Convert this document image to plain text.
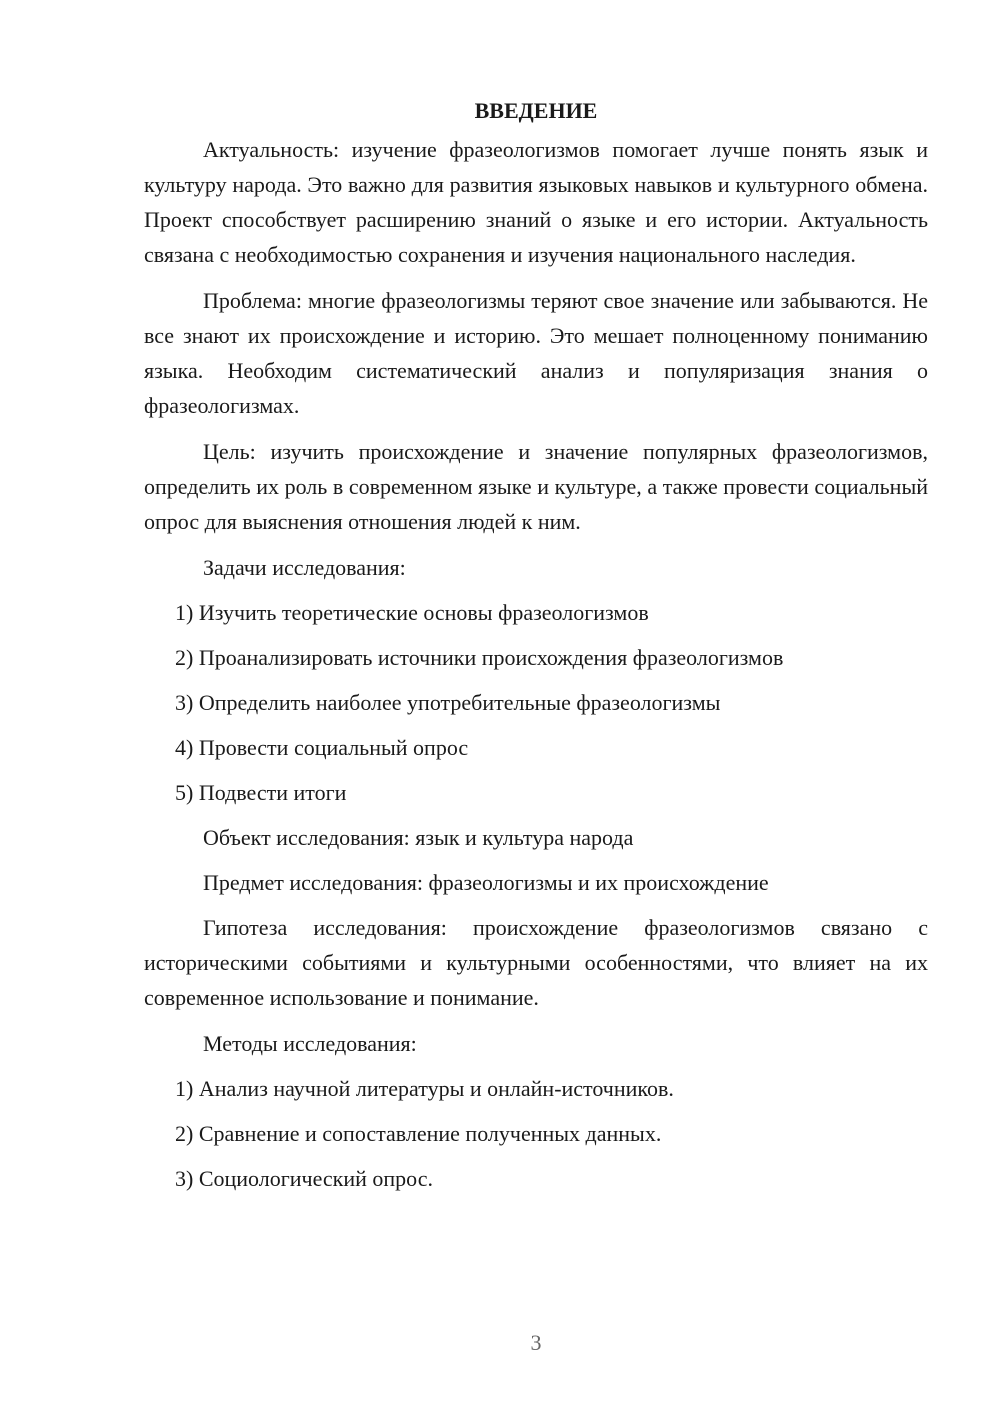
ВВЕДЕНИЕ

Актуальность: изучение фразеологизмов помогает лучше понять язык и культуру народа. Это важно для развития языковых навыков и культурного обмена. Проект способствует расширению знаний о языке и его истории. Актуальность связана с необходимостью сохранения и изучения национального наследия.

Проблема: многие фразеологизмы теряют свое значение или забываются. Не все знают их происхождение и историю. Это мешает полноценному пониманию языка. Необходим систематический анализ и популяризация знания о фразеологизмах.

Цель: изучить происхождение и значение популярных фразеологизмов, определить их роль в современном языке и культуре, а также провести социальный опрос для выяснения отношения людей к ним.

Задачи исследования:
1) Изучить теоретические основы фразеологизмов
2) Проанализировать источники происхождения фразеологизмов
3) Определить наиболее употребительные фразеологизмы
4) Провести социальный опрос
5) Подвести итоги
Объект исследования: язык и культура народа
Предмет исследования: фразеологизмы и их происхождение

Гипотеза исследования: происхождение фразеологизмов связано с историческими событиями и культурными особенностями, что влияет на их современное использование и понимание.

Методы исследования:
1) Анализ научной литературы и онлайн-источников.
2) Сравнение и сопоставление полученных данных.
3) Социологический опрос.
3
